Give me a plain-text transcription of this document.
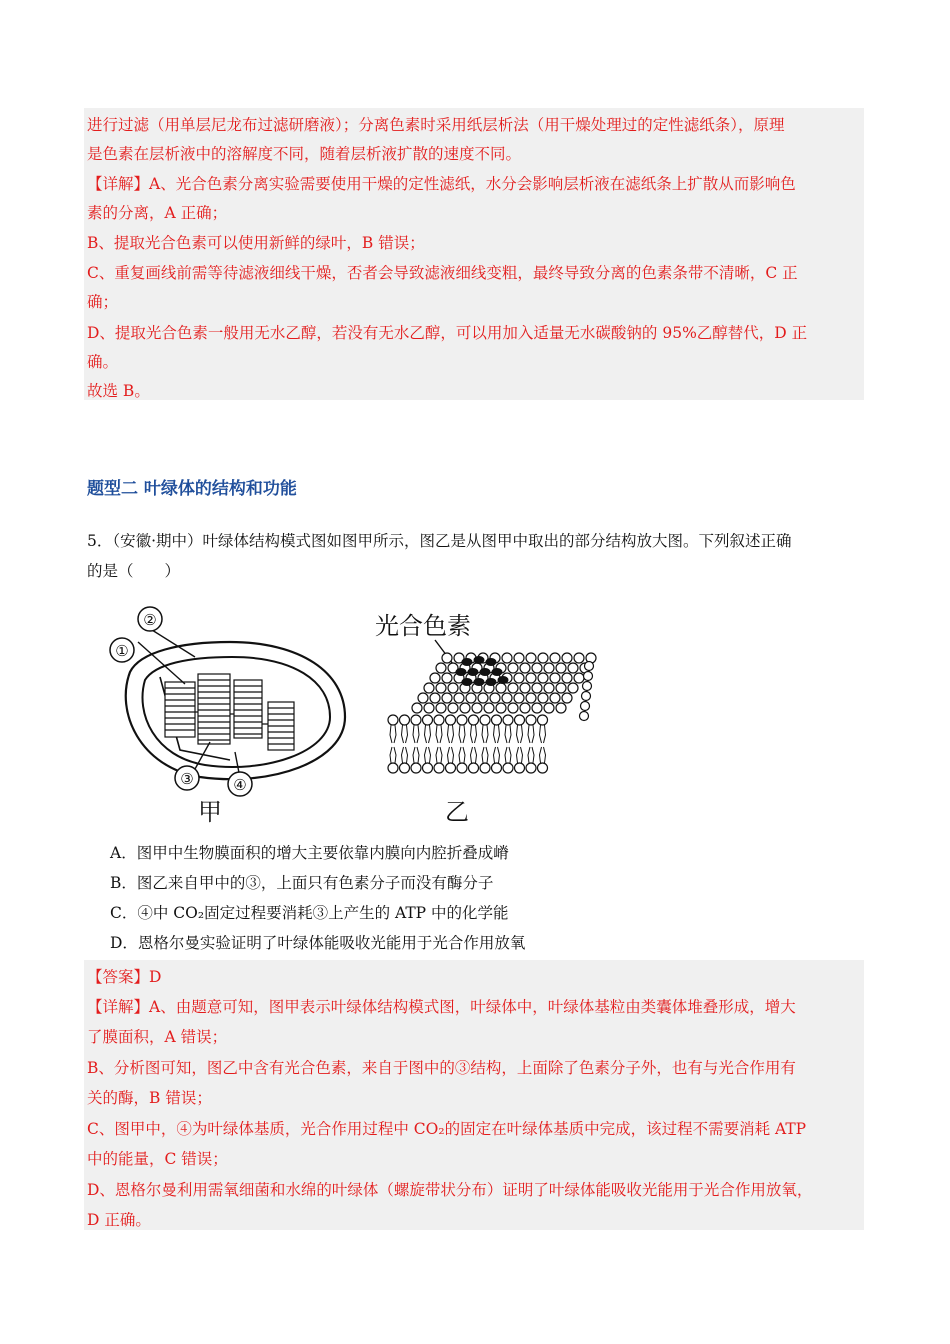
进行过滤（用单层尼龙布过滤研磨液）；分离色素时采用纸层析法（用干燥处理过的定性滤纸条），原理
是色素在层析液中的溶解度不同，随着层析液扩散的速度不同。
【详解】A、光合色素分离实验需要使用干燥的定性滤纸，水分会影响层析液在滤纸条上扩散从而影响色
素的分离，A 正确；
B、提取光合色素可以使用新鲜的绿叶，B 错误；
C、重复画线前需等待滤液细线干燥，否者会导致滤液细线变粗，最终导致分离的色素条带不清晰，C 正
确；
D、提取光合色素一般用无水乙醇，若没有无水乙醇，可以用加入适量无水碳酸钠的 95%乙醇替代，D 正
确。
故选 B。
题型二 叶绿体的结构和功能
5．（安徽·期中）叶绿体结构模式图如图甲所示，图乙是从图甲中取出的部分结构放大图。下列叙述正确
的是（　　）
①
②
③	④
甲
光合色素
乙
A．图甲中生物膜面积的增大主要依靠内膜向内腔折叠成嵴
B．图乙来自甲中的③，上面只有色素分子而没有酶分子
C．④中 CO₂固定过程要消耗③上产生的 ATP 中的化学能
D．恩格尔曼实验证明了叶绿体能吸收光能用于光合作用放氧
【答案】D
【详解】A、由题意可知，图甲表示叶绿体结构模式图，叶绿体中，叶绿体基粒由类囊体堆叠形成，增大
了膜面积，A 错误；
B、分析图可知，图乙中含有光合色素，来自于图中的③结构，上面除了色素分子外，也有与光合作用有
关的酶，B 错误；
C、图甲中，④为叶绿体基质，光合作用过程中 CO₂的固定在叶绿体基质中完成，该过程不需要消耗 ATP
中的能量，C 错误；
D、恩格尔曼利用需氧细菌和水绵的叶绿体（螺旋带状分布）证明了叶绿体能吸收光能用于光合作用放氧，
D 正确。
